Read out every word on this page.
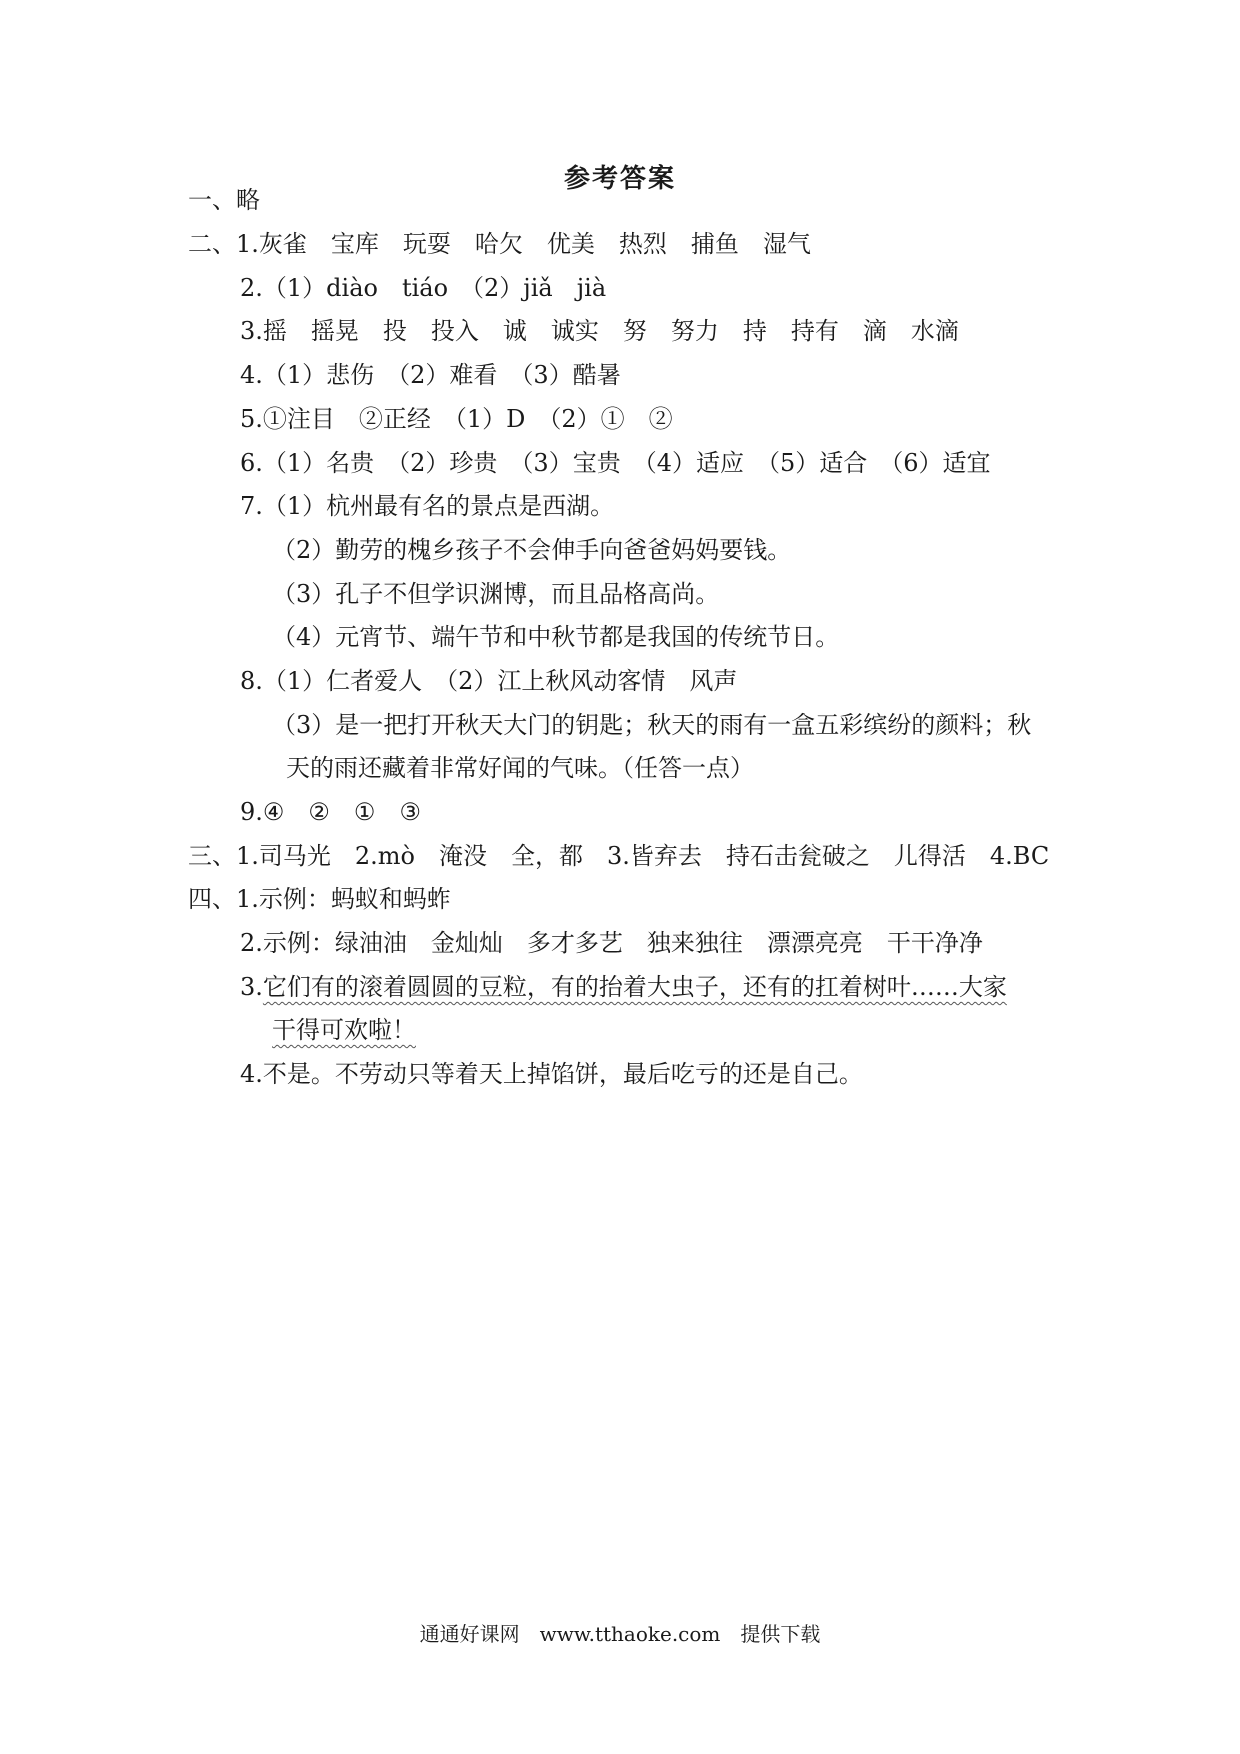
参考答案
一、略
二、1.灰雀　宝库　玩耍　哈欠　优美　热烈　捕鱼　湿气
2.（1）diào　tiáo　（2）jiǎ　jià
3.摇　摇晃　投　投入　诚　诚实　努　努力　持　持有　滴　水滴
4.（1）悲伤　（2）难看　（3）酷暑
5.①注目　②正经　（1）D　（2）①　②
6.（1）名贵　（2）珍贵　（3）宝贵　（4）适应　（5）适合　（6）适宜
7.（1）杭州最有名的景点是西湖。
（2）勤劳的槐乡孩子不会伸手向爸爸妈妈要钱。
（3）孔子不但学识渊博，而且品格高尚。
（4）元宵节、端午节和中秋节都是我国的传统节日。
8.（1）仁者爱人　（2）江上秋风动客情　风声
（3）是一把打开秋天大门的钥匙；秋天的雨有一盒五彩缤纷的颜料；秋
天的雨还藏着非常好闻的气味。（任答一点）
9.④　②　①　③
三、1.司马光　2.mò　淹没　全，都　3.皆弃去　持石击瓮破之　儿得活　4.BC
四、1.示例：蚂蚁和蚂蚱
2.示例：绿油油　金灿灿　多才多艺　独来独往　漂漂亮亮　干干净净
3.它们有的滚着圆圆的豆粒，有的抬着大虫子，还有的扛着树叶……大家
干得可欢啦！
4.不是。不劳动只等着天上掉馅饼，最后吃亏的还是自己。
通通好课网　www.tthaoke.com　提供下载
